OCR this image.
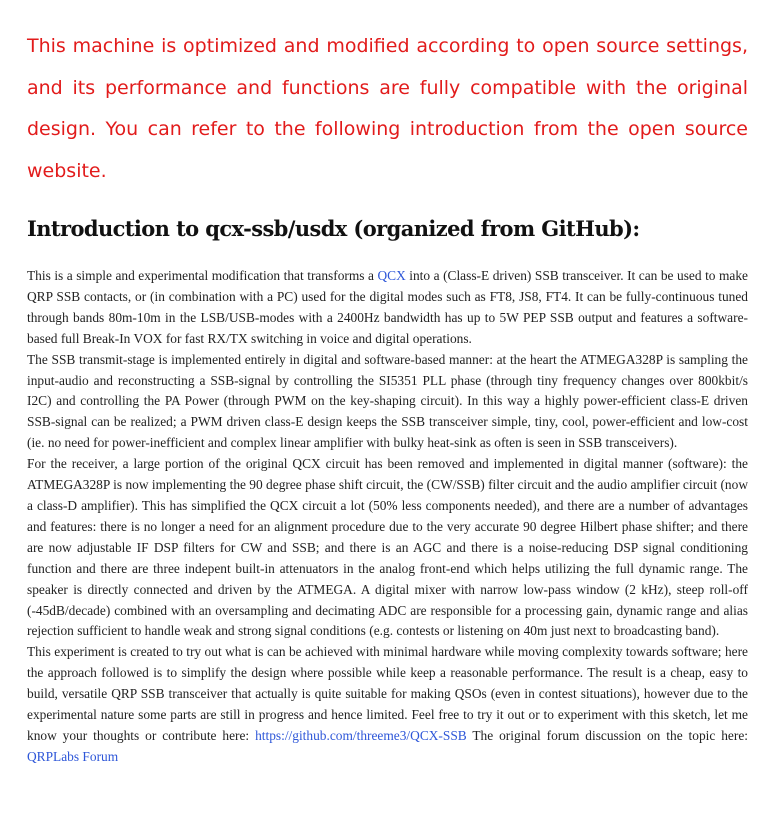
This machine is optimized and modified according to open source settings, and its performance and functions are fully compatible with the original design. You can refer to the following introduction from the open source website.

Introduction to qcx-ssb/usdx (organized from GitHub):

This is a simple and experimental modification that transforms a QCX into a (Class-E driven) SSB transceiver. It can be used to make QRP SSB contacts, or (in combination with a PC) used for the digital modes such as FT8, JS8, FT4. It can be fully-continuous tuned through bands 80m-10m in the LSB/USB-modes with a 2400Hz bandwidth has up to 5W PEP SSB output and features a software-based full Break-In VOX for fast RX/TX switching in voice and digital operations.

The SSB transmit-stage is implemented entirely in digital and software-based manner: at the heart the ATMEGA328P is sampling the input-audio and reconstructing a SSB-signal by controlling the SI5351 PLL phase (through tiny frequency changes over 800kbit/s I2C) and controlling the PA Power (through PWM on the key-shaping circuit). In this way a highly power-efficient class-E driven SSB-signal can be realized; a PWM driven class-E design keeps the SSB transceiver simple, tiny, cool, power-efficient and low-cost (ie. no need for power-inefficient and complex linear amplifier with bulky heat-sink as often is seen in SSB transceivers).

For the receiver, a large portion of the original QCX circuit has been removed and implemented in digital manner (software): the ATMEGA328P is now implementing the 90 degree phase shift circuit, the (CW/SSB) filter circuit and the audio amplifier circuit (now a class-D amplifier). This has simplified the QCX circuit a lot (50% less components needed), and there are a number of advantages and features: there is no longer a need for an alignment procedure due to the very accurate 90 degree Hilbert phase shifter; and there are now adjustable IF DSP filters for CW and SSB; and there is an AGC and there is a noise-reducing DSP signal conditioning function and there are three indepent built-in attenuators in the analog front-end which helps utilizing the full dynamic range. The speaker is directly connected and driven by the ATMEGA. A digital mixer with narrow low-pass window (2 kHz), steep roll-off (-45dB/decade) combined with an oversampling and decimating ADC are responsible for a processing gain, dynamic range and alias rejection sufficient to handle weak and strong signal conditions (e.g. contests or listening on 40m just next to broadcasting band).

This experiment is created to try out what is can be achieved with minimal hardware while moving complexity towards software; here the approach followed is to simplify the design where possible while keep a reasonable performance. The result is a cheap, easy to build, versatile QRP SSB transceiver that actually is quite suitable for making QSOs (even in contest situations), however due to the experimental nature some parts are still in progress and hence limited. Feel free to try it out or to experiment with this sketch, let me know your thoughts or contribute here: https://github.com/threeme3/QCX-SSB The original forum discussion on the topic here: QRPLabs Forum
